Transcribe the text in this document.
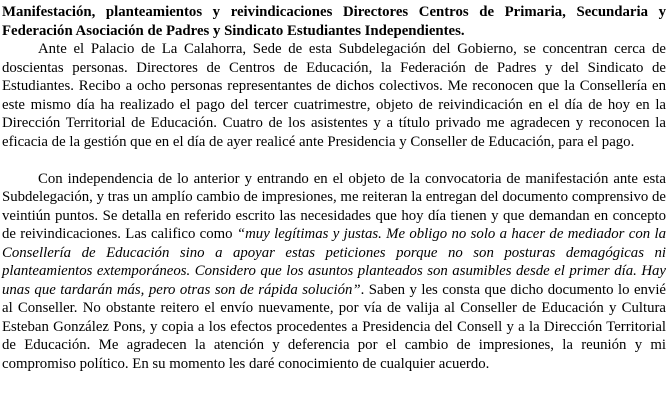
Manifestación, planteamientos y reivindicaciones Directores Centros de Primaria, Secundaria y Federación Asociación de Padres y Sindicato Estudiantes Independientes.

Ante el Palacio de La Calahorra, Sede de esta Subdelegación del Gobierno, se concentran cerca de doscientas personas. Directores de Centros de Educación, la Federación de Padres y del Sindicato de Estudiantes. Recibo a ocho personas representantes de dichos colectivos. Me reconocen que la Consellería en este mismo día ha realizado el pago del tercer cuatrimestre, objeto de reivindicación en el día de hoy en la Dirección Territorial de Educación. Cuatro de los asistentes y a título privado me agradecen y reconocen la eficacia de la gestión que en el día de ayer realicé ante Presidencia y Conseller de Educación, para el pago.

Con independencia de lo anterior y entrando en el objeto de la convocatoria de manifestación ante esta Subdelegación, y tras un amplío cambio de impresiones, me reiteran la entregan del documento comprensivo de veintiún puntos. Se detalla en referido escrito las necesidades que hoy día tienen y que demandan en concepto de reivindicaciones. Las califico como “muy legítimas y justas. Me obligo no solo a hacer de mediador con la Consellería de Educación sino a apoyar estas peticiones porque no son posturas demagógicas ni planteamientos extemporáneos. Considero que los asuntos planteados son asumibles desde el primer día. Hay unas que tardarán más, pero otras son de rápida solución”. Saben y les consta que dicho documento lo envié al Conseller. No obstante reitero el envío nuevamente, por vía de valija al Conseller de Educación y Cultura Esteban González Pons, y copia a los efectos procedentes a Presidencia del Consell y a la Dirección Territorial de Educación. Me agradecen la atención y deferencia por el cambio de impresiones, la reunión y mi compromiso político. En su momento les daré conocimiento de cualquier acuerdo.
